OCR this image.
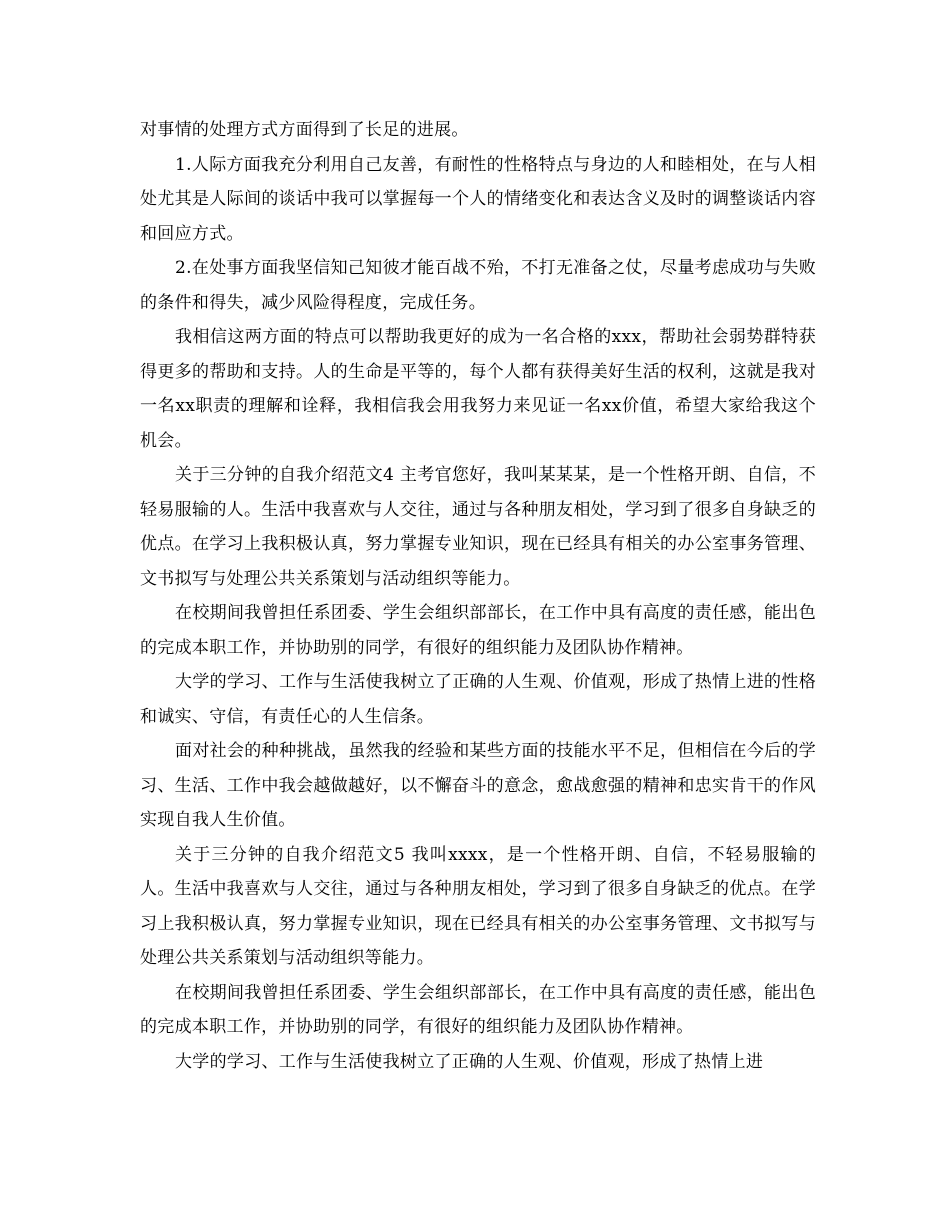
对事情的处理方式方面得到了长足的进展。

1.人际方面我充分利用自己友善，有耐性的性格特点与身边的人和睦相处，在与人相处尤其是人际间的谈话中我可以掌握每一个人的情绪变化和表达含义及时的调整谈话内容和回应方式。

2.在处事方面我坚信知己知彼才能百战不殆，不打无准备之仗，尽量考虑成功与失败的条件和得失，减少风险得程度，完成任务。

我相信这两方面的特点可以帮助我更好的成为一名合格的xxx，帮助社会弱势群特获得更多的帮助和支持。人的生命是平等的，每个人都有获得美好生活的权利，这就是我对一名xx职责的理解和诠释，我相信我会用我努力来见证一名xx价值，希望大家给我这个机会。

关于三分钟的自我介绍范文4 主考官您好，我叫某某某，是一个性格开朗、自信，不轻易服输的人。生活中我喜欢与人交往，通过与各种朋友相处，学习到了很多自身缺乏的优点。在学习上我积极认真，努力掌握专业知识，现在已经具有相关的办公室事务管理、文书拟写与处理公共关系策划与活动组织等能力。

在校期间我曾担任系团委、学生会组织部部长，在工作中具有高度的责任感，能出色的完成本职工作，并协助别的同学，有很好的组织能力及团队协作精神。

大学的学习、工作与生活使我树立了正确的人生观、价值观，形成了热情上进的性格和诚实、守信，有责任心的人生信条。

面对社会的种种挑战，虽然我的经验和某些方面的技能水平不足，但相信在今后的学习、生活、工作中我会越做越好，以不懈奋斗的意念，愈战愈强的精神和忠实肯干的作风实现自我人生价值。

关于三分钟的自我介绍范文5 我叫xxxx，是一个性格开朗、自信，不轻易服输的人。生活中我喜欢与人交往，通过与各种朋友相处，学习到了很多自身缺乏的优点。在学习上我积极认真，努力掌握专业知识，现在已经具有相关的办公室事务管理、文书拟写与处理公共关系策划与活动组织等能力。

在校期间我曾担任系团委、学生会组织部部长，在工作中具有高度的责任感，能出色的完成本职工作，并协助别的同学，有很好的组织能力及团队协作精神。

大学的学习、工作与生活使我树立了正确的人生观、价值观，形成了热情上进
